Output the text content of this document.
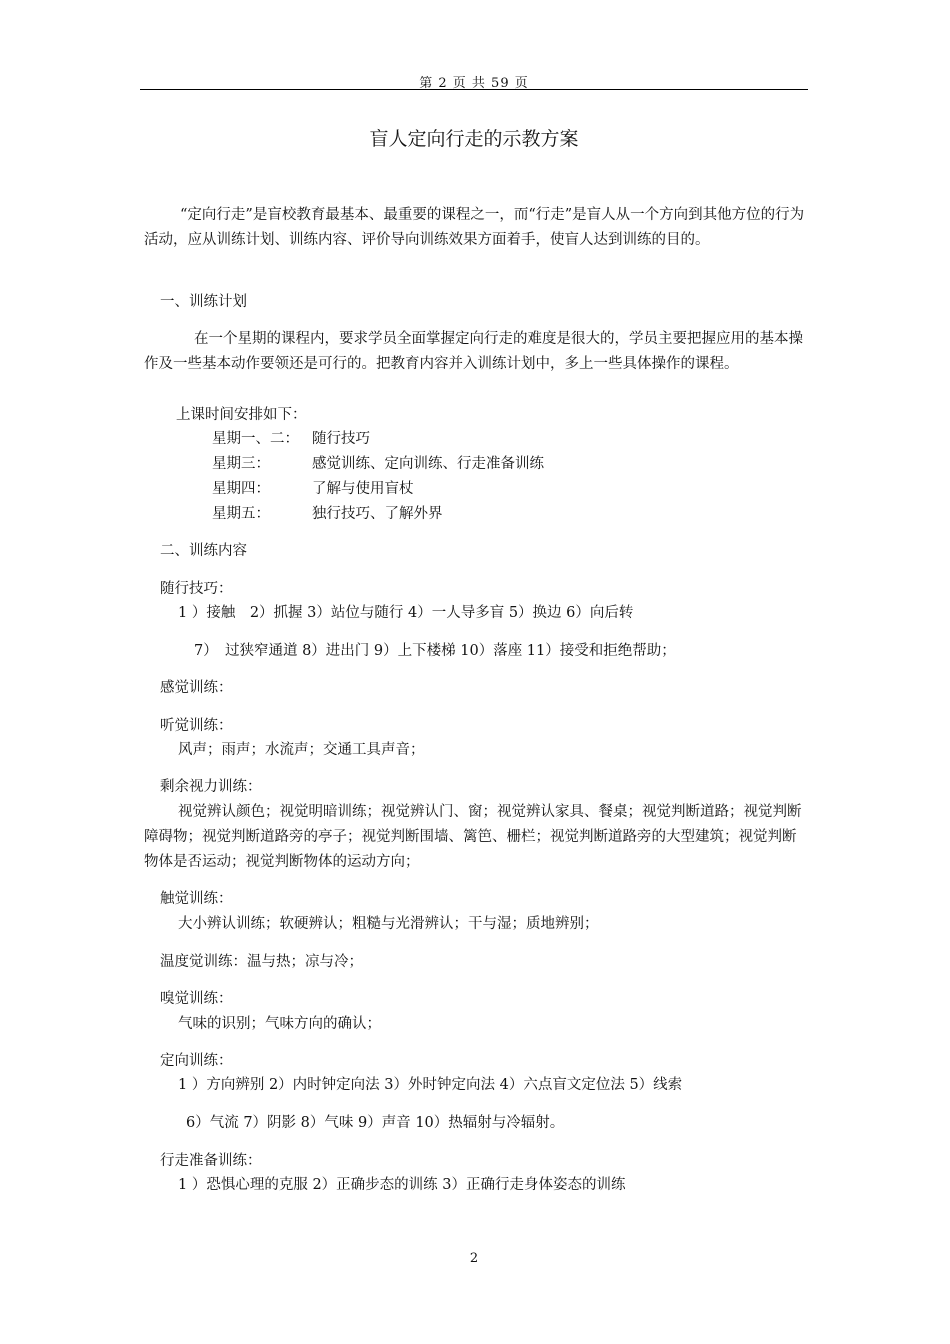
第 2 页 共 59 页
盲人定向行走的示教方案
“定向行走”是盲校教育最基本、最重要的课程之一，而“行走”是盲人从一个方向到其他方位的行为活动，应从训练计划、训练内容、评价导向训练效果方面着手，使盲人达到训练的目的。
一、训练计划
在一个星期的课程内，要求学员全面掌握定向行走的难度是很大的，学员主要把握应用的基本操作及一些基本动作要领还是可行的。把教育内容并入训练计划中，多上一些具体操作的课程。
上课时间安排如下：
星期一、二： 随行技巧
星期三：	感觉训练、定向训练、行走准备训练
星期四：	了解与使用盲杖
星期五：	独行技巧、了解外界
二、训练内容
随行技巧：
1 ）接触　2）抓握 3）站位与随行 4）一人导多盲 5）换边 6）向后转
7）　过狭窄通道 8）进出门 9）上下楼梯 10）落座 11）接受和拒绝帮助；
感觉训练：
听觉训练：
风声；雨声；水流声；交通工具声音；
剩余视力训练：
视觉辨认颜色；视觉明暗训练；视觉辨认门、窗；视觉辨认家具、餐桌；视觉判断道路；视觉判断障碍物；视觉判断道路旁的亭子；视觉判断围墙、篱笆、栅栏；视觉判断道路旁的大型建筑；视觉判断物体是否运动；视觉判断物体的运动方向；
触觉训练：
大小辨认训练；软硬辨认；粗糙与光滑辨认；干与湿；质地辨别；
温度觉训练：温与热；凉与冷；
嗅觉训练：
气味的识别；气味方向的确认；
定向训练：
1 ）方向辨别 2）内时钟定向法 3）外时钟定向法 4）六点盲文定位法 5）线索
6）气流 7）阴影 8）气味 9）声音 10）热辐射与冷辐射。
行走准备训练：
1 ）恐惧心理的克服 2）正确步态的训练 3）正确行走身体姿态的训练
2
